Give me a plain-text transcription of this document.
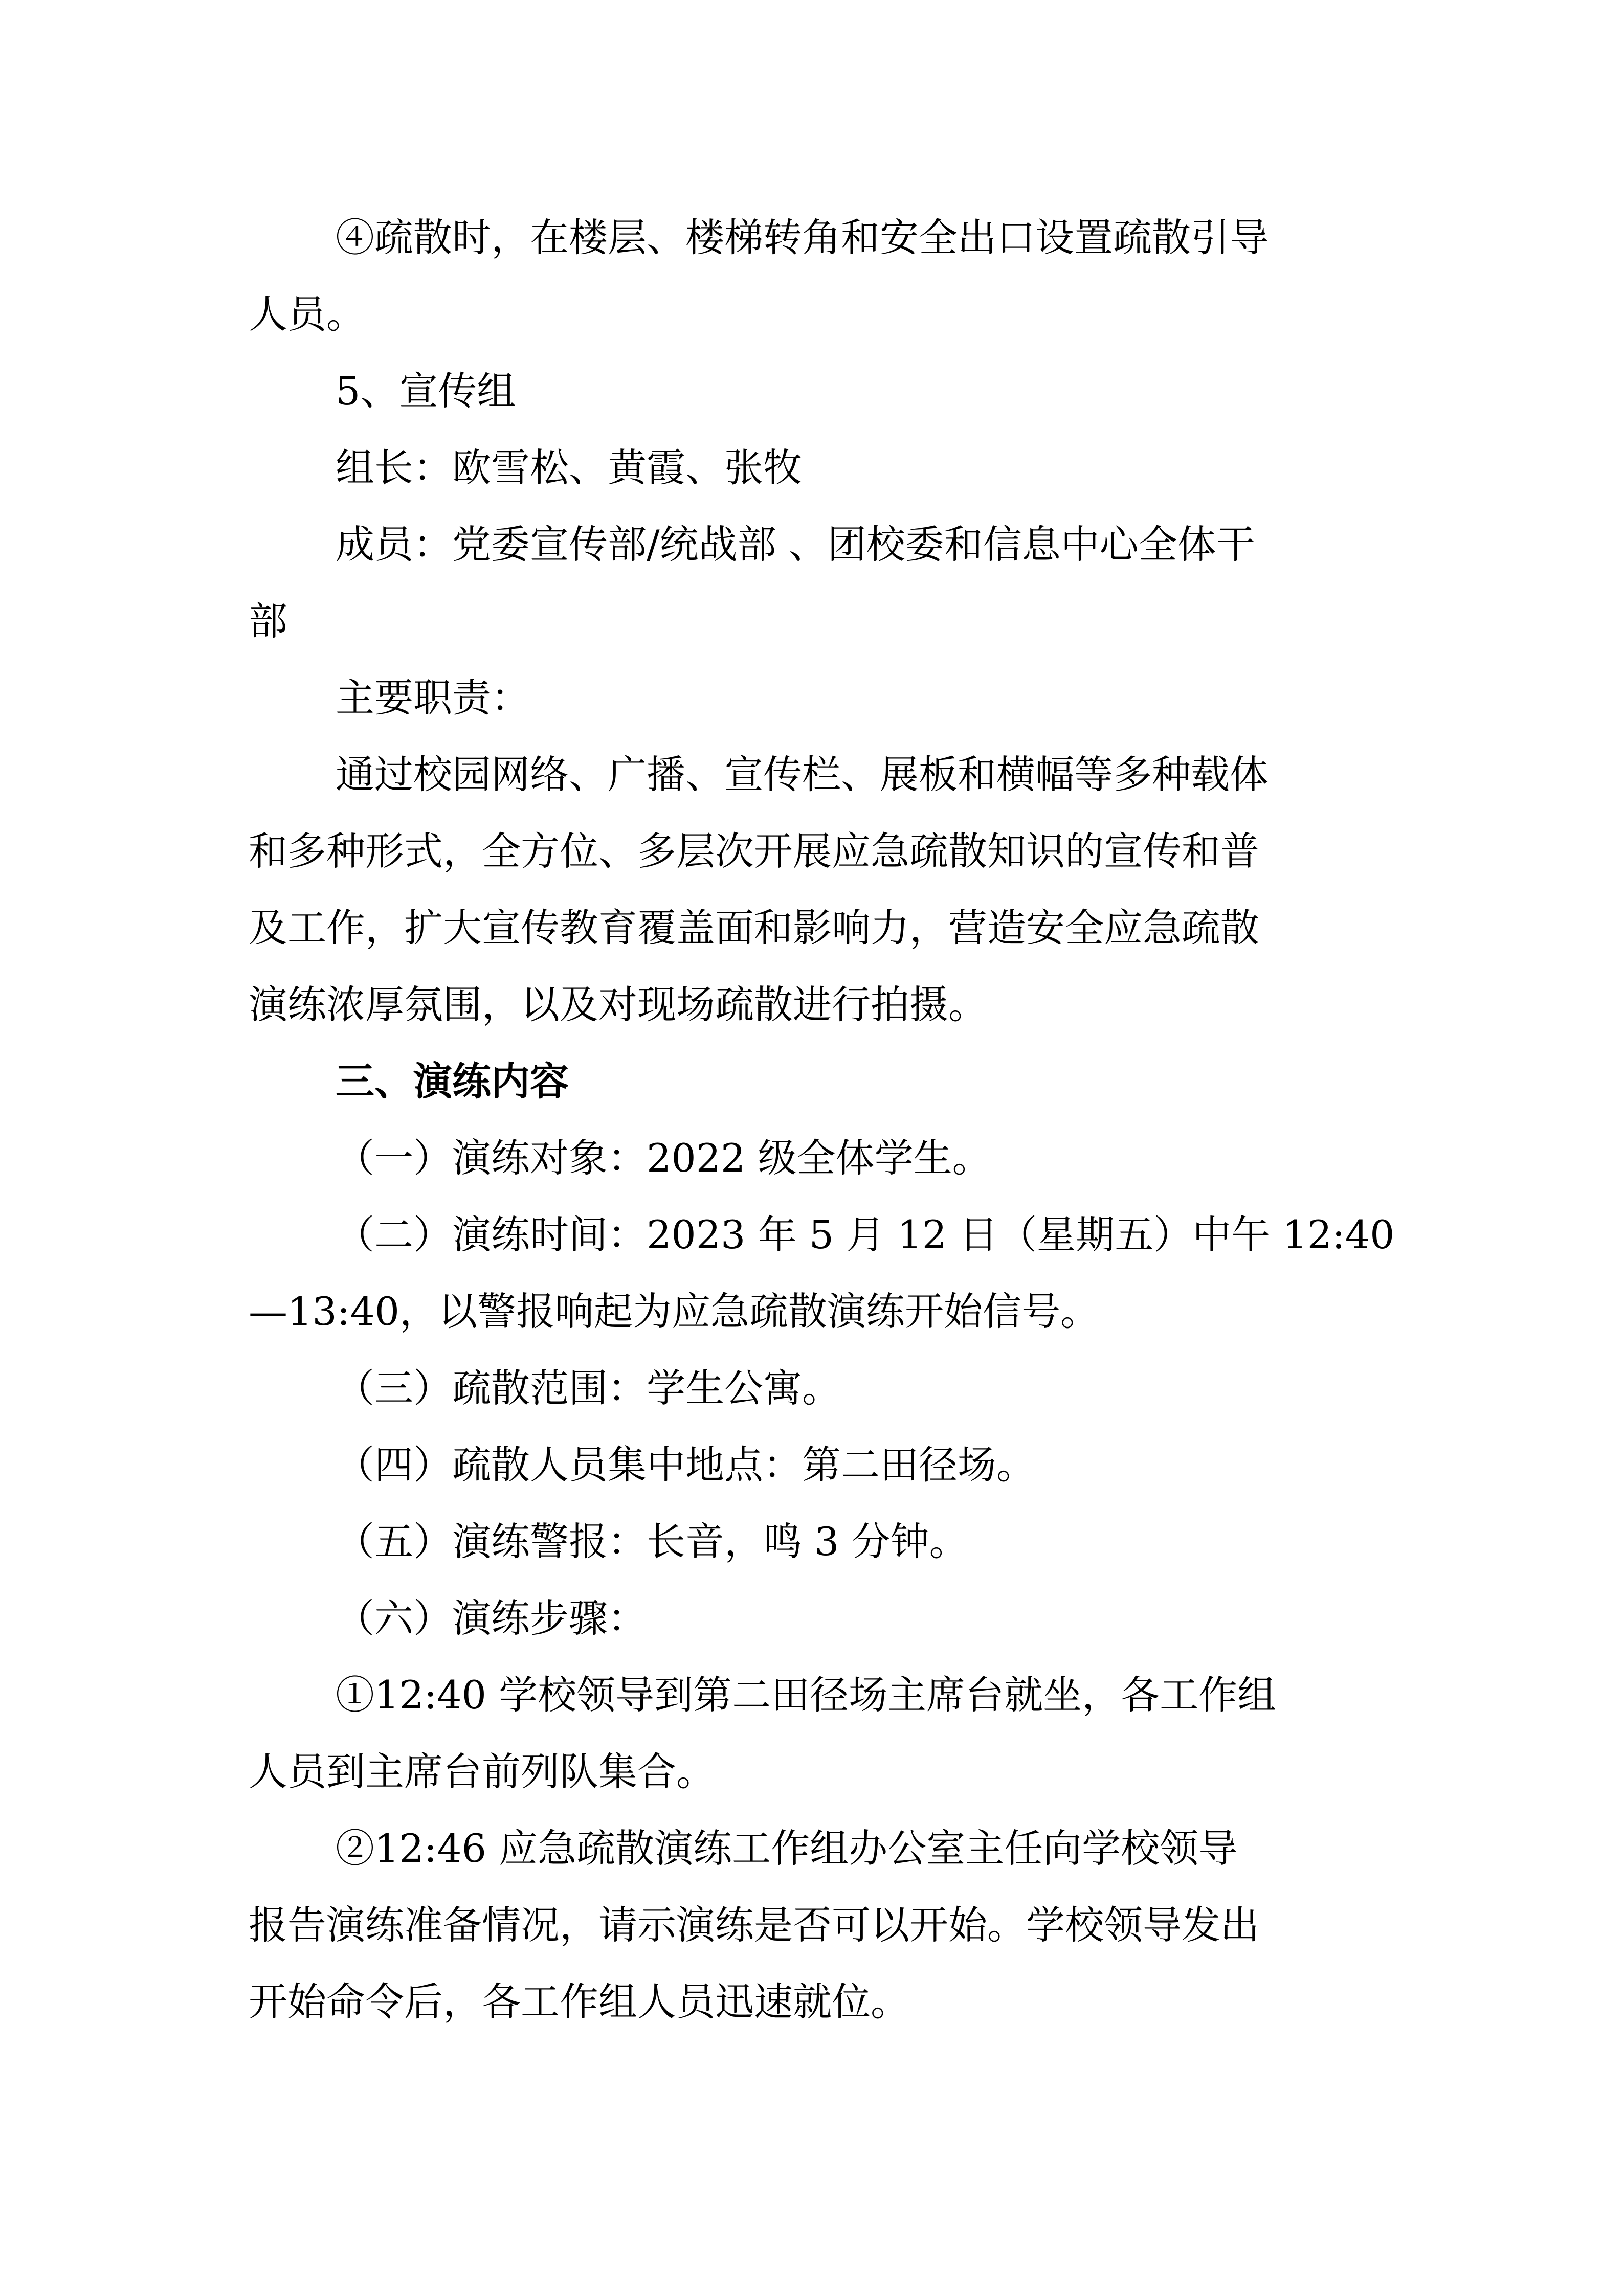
④疏散时，在楼层、楼梯转角和安全出口设置疏散引导
人员。
5、宣传组
组长：欧雪松、黄霞、张牧
成员：党委宣传部/统战部 、团校委和信息中心全体干
部
主要职责：
通过校园网络、广播、宣传栏、展板和横幅等多种载体
和多种形式，全方位、多层次开展应急疏散知识的宣传和普
及工作，扩大宣传教育覆盖面和影响力，营造安全应急疏散
演练浓厚氛围，以及对现场疏散进行拍摄。
三、演练内容
（一）演练对象：2022 级全体学生。
（二）演练时间：2023 年 5 月 12 日（星期五）中午 12:40
—13:40，以警报响起为应急疏散演练开始信号。
（三）疏散范围：学生公寓。
（四）疏散人员集中地点：第二田径场。
（五）演练警报：长音，鸣 3 分钟。
（六）演练步骤：
①12:40 学校领导到第二田径场主席台就坐，各工作组
人员到主席台前列队集合。
②12:46 应急疏散演练工作组办公室主任向学校领导
报告演练准备情况，请示演练是否可以开始。学校领导发出
开始命令后，各工作组人员迅速就位。
